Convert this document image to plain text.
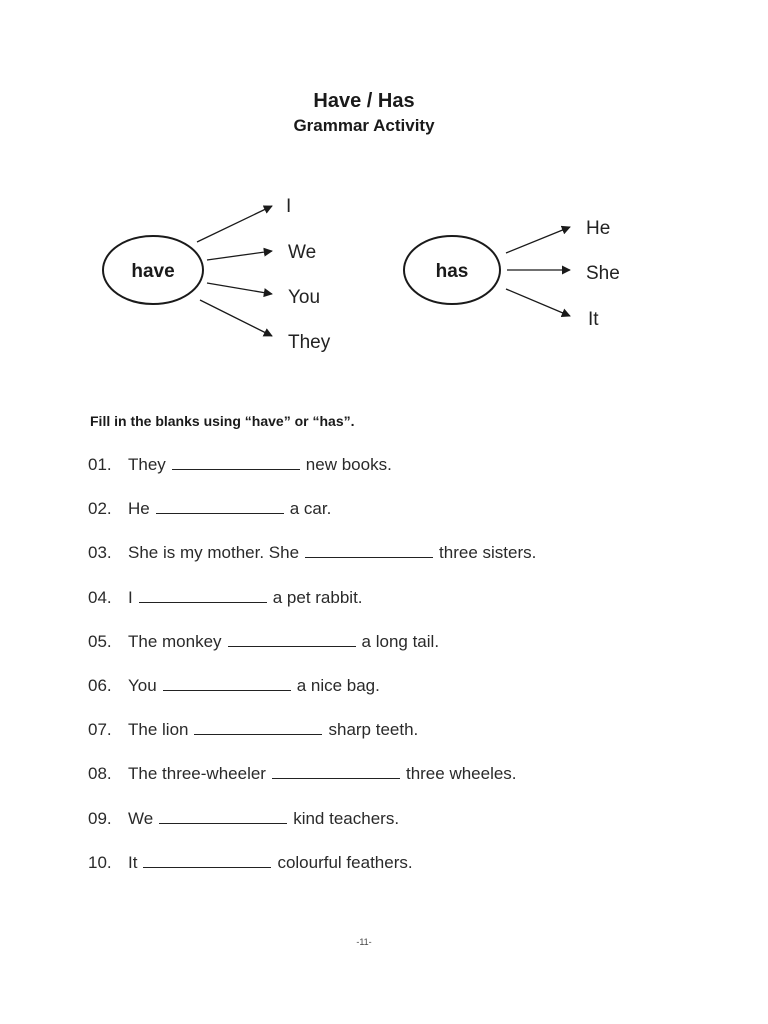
Have / Has
Grammar Activity
have
I
We
You
They
has
He
She
It
Fill in the blanks using “have” or “has”.
01. They	new books.
02. He	a car.
03. She is my mother. She	three sisters.
04. I	a pet rabbit.
05. The monkey	a long tail.
06. You	a nice bag.
07. The lion	sharp teeth.
08. The three-wheeler	three wheeles.
09. We	kind teachers.
10. It	colourful feathers.
-11-
